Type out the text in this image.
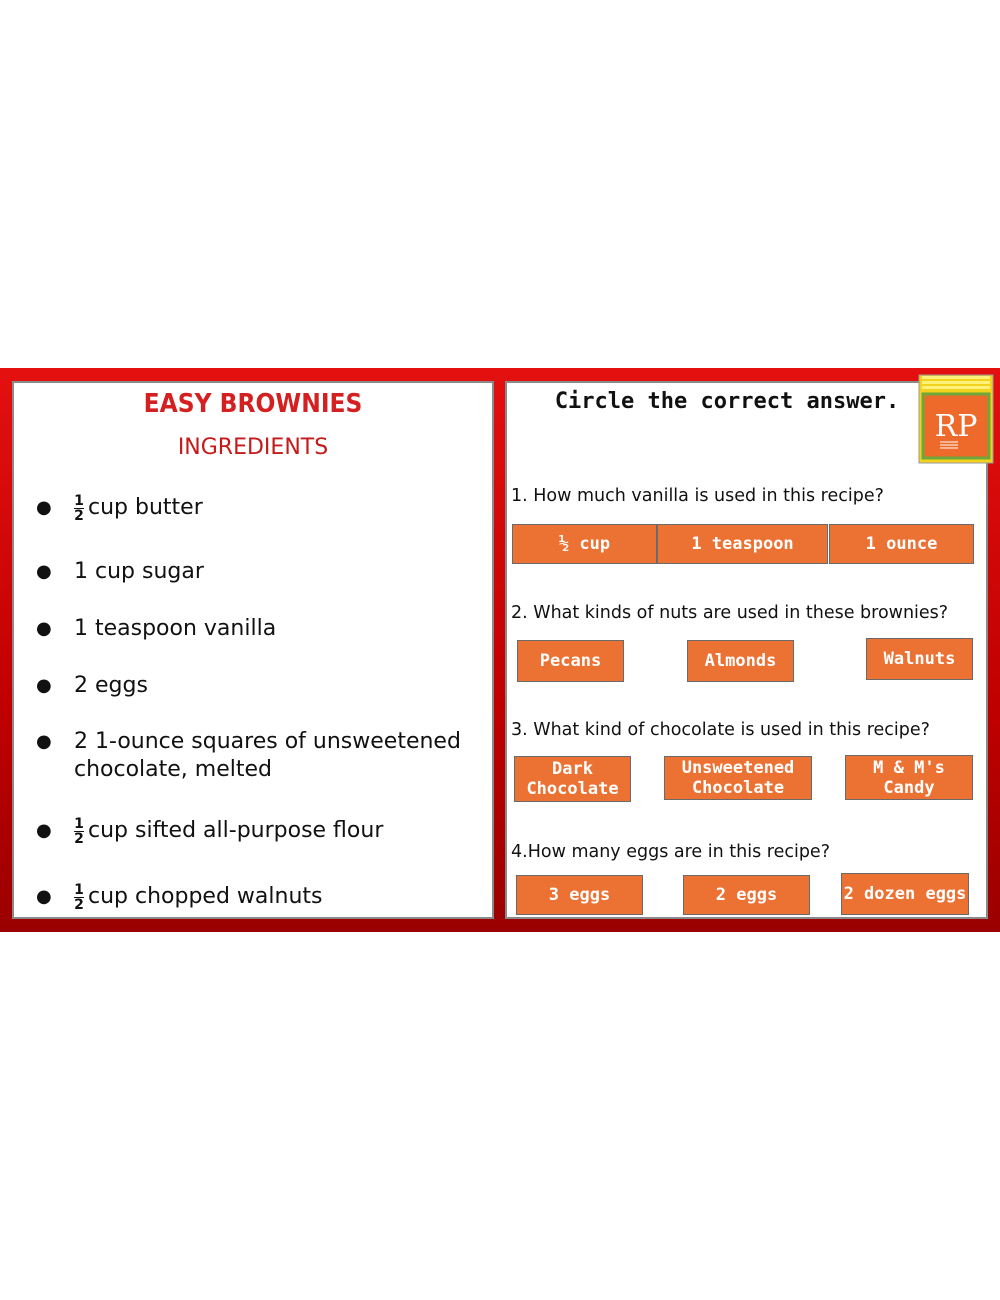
EASY BROWNIES
INGREDIENTS
● $\frac{1}{2}$ cup butter
● 1 cup sugar
● 1 teaspoon vanilla
● 2 eggs
● 2 1-ounce squares of unsweetened chocolate, melted
● $\frac{1}{2}$ cup sifted all-purpose flour
● $\frac{1}{2}$ cup chopped walnuts
Circle the correct answer.
1. How much vanilla is used in this recipe?
½ cup	1 teaspoon	1 ounce
2. What kinds of nuts are used in these brownies?
Pecans	Almonds	Walnuts
3. What kind of chocolate is used in this recipe?
Dark Chocolate
Unsweetened Chocolate
M & M's Candy
4.How many eggs are in this recipe?
3 eggs	2 eggs	2 dozen eggs
RP
